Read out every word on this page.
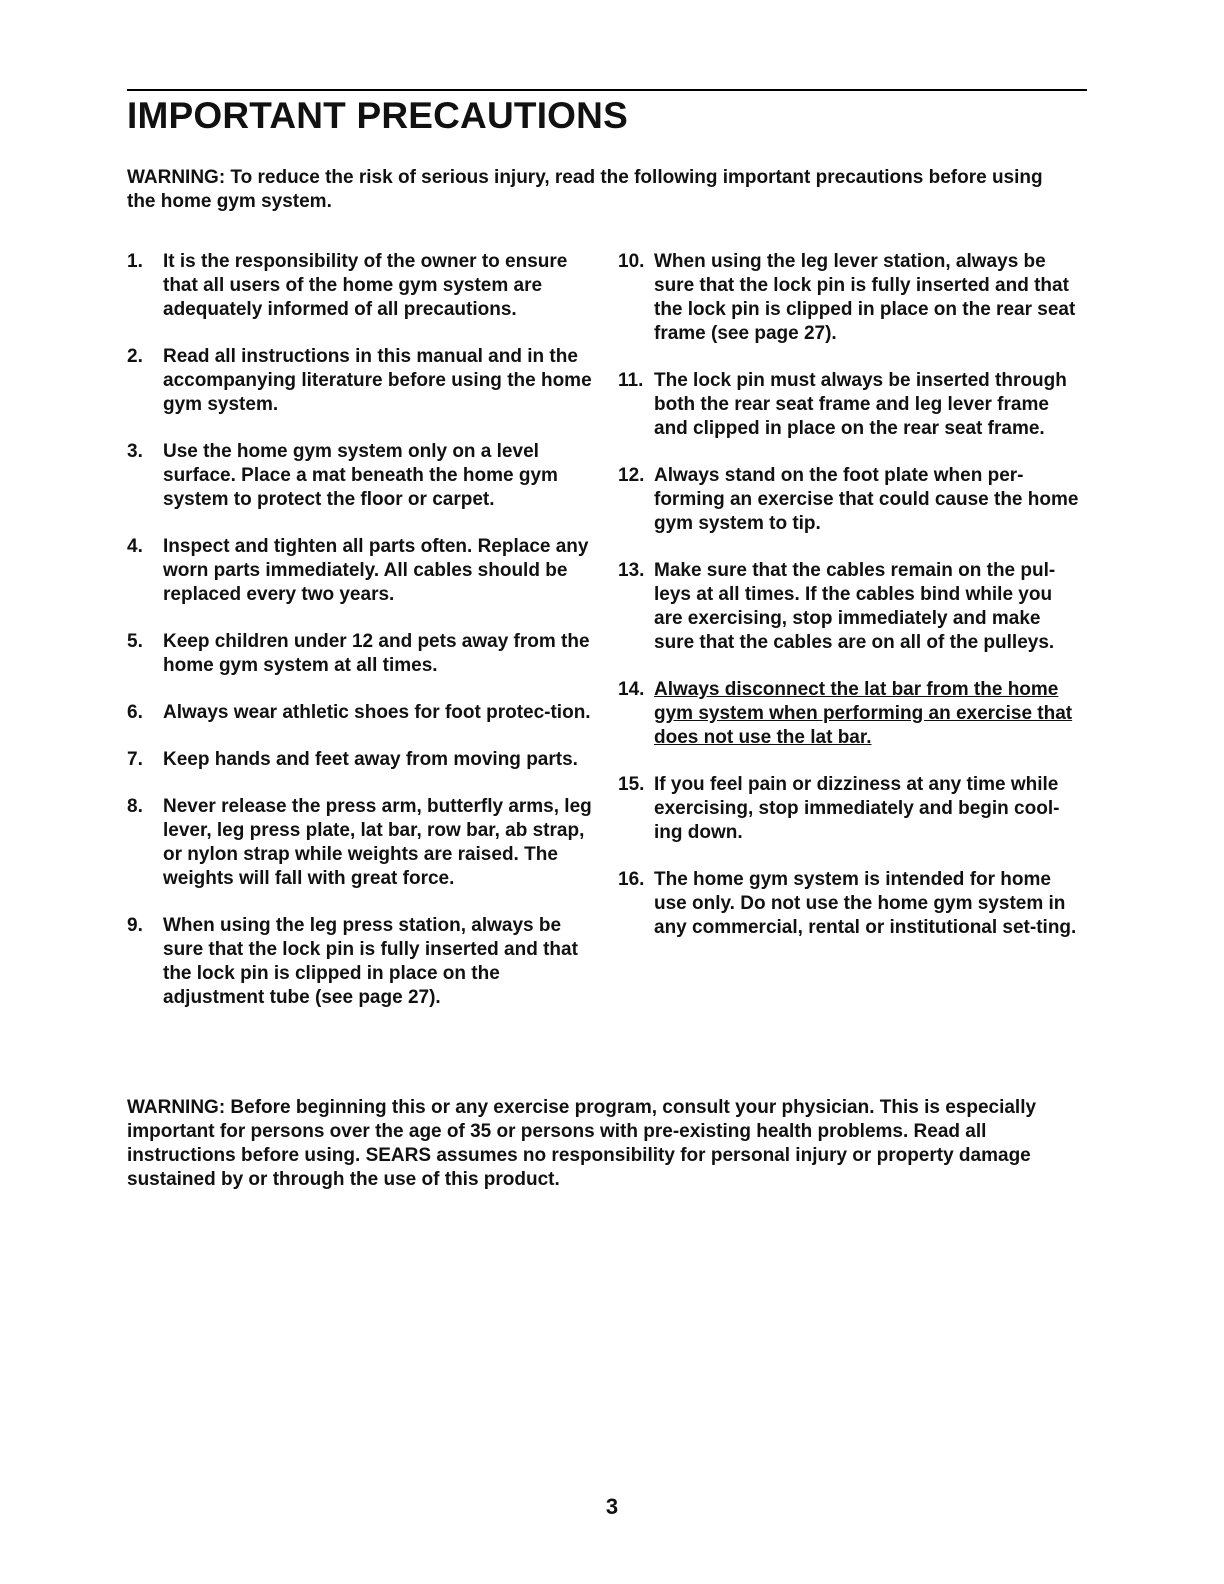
IMPORTANT PRECAUTIONS

WARNING: To reduce the risk of serious injury, read the following important precautions before using the home gym system.

1.	It is the responsibility of the owner to ensure that all users of the home gym system are adequately informed of all precautions.
2.	Read all instructions in this manual and in the accompanying literature before using the home gym system.
3.	Use the home gym system only on a level surface. Place a mat beneath the home gym system to protect the floor or carpet.
4.	Inspect and tighten all parts often. Replace any worn parts immediately. All cables should be replaced every two years.
5.	Keep children under 12 and pets away from the home gym system at all times.
6.	Always wear athletic shoes for foot protec-tion.
7.	Keep hands and feet away from moving parts.
8.	Never release the press arm, butterfly arms, leg lever, leg press plate, lat bar, row bar, ab strap, or nylon strap while weights are raised. The weights will fall with great force.
9.	When using the leg press station, always be sure that the lock pin is fully inserted and that the lock pin is clipped in place on the adjustment tube (see page 27).
10. When using the leg lever station, always be sure that the lock pin is fully inserted and that the lock pin is clipped in place on the rear seat frame (see page 27).
11. The lock pin must always be inserted through both the rear seat frame and leg lever frame and clipped in place on the rear seat frame.
12. Always stand on the foot plate when per-forming an exercise that could cause the home gym system to tip.
13. Make sure that the cables remain on the pul-leys at all times. If the cables bind while you are exercising, stop immediately and make sure that the cables are on all of the pulleys.
14. Always disconnect the lat bar from the home gym system when performing an exercise that does not use the lat bar.
15. If you feel pain or dizziness at any time while exercising, stop immediately and begin cool-ing down.
16. The home gym system is intended for home use only. Do not use the home gym system in any commercial, rental or institutional set-ting.

WARNING: Before beginning this or any exercise program, consult your physician. This is especially important for persons over the age of 35 or persons with pre-existing health problems. Read all instructions before using. SEARS assumes no responsibility for personal injury or property damage sustained by or through the use of this product.

3
